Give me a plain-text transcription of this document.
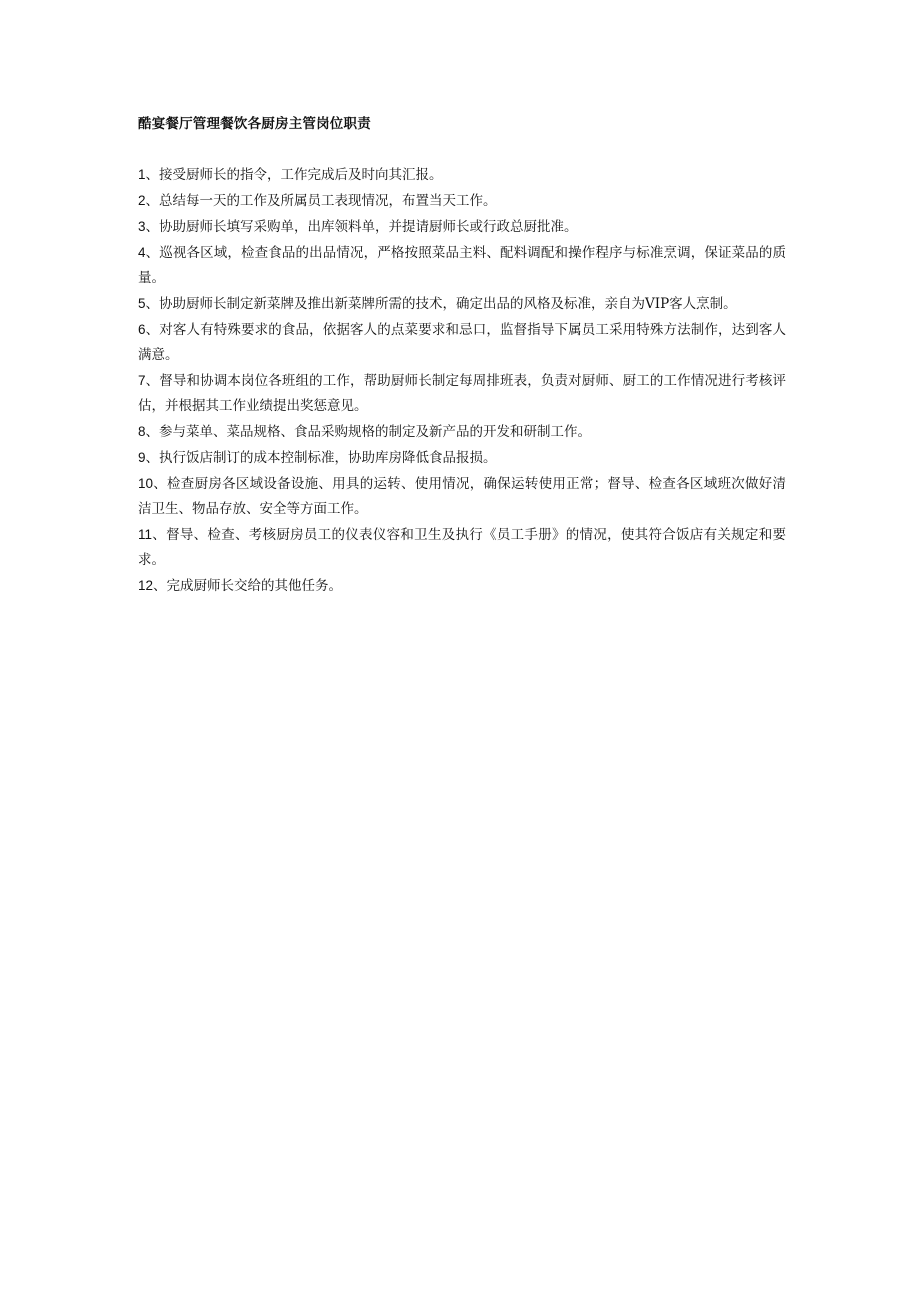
酷宴餐厅管理餐饮各厨房主管岗位职责
1、接受厨师长的指令，工作完成后及时向其汇报。
2、总结每一天的工作及所属员工表现情况，布置当天工作。
3、协助厨师长填写采购单，出库领料单，并提请厨师长或行政总厨批准。
4、巡视各区域，检查食品的出品情况，严格按照菜品主料、配料调配和操作程序与标准烹调，保证菜品的质量。
5、协助厨师长制定新菜牌及推出新菜牌所需的技术，确定出品的风格及标准，亲自为VIP客人烹制。
6、对客人有特殊要求的食品，依据客人的点菜要求和忌口，监督指导下属员工采用特殊方法制作，达到客人满意。
7、督导和协调本岗位各班组的工作，帮助厨师长制定每周排班表，负责对厨师、厨工的工作情况进行考核评估，并根据其工作业绩提出奖惩意见。
8、参与菜单、菜品规格、食品采购规格的制定及新产品的开发和研制工作。
9、执行饭店制订的成本控制标准，协助库房降低食品报损。
10、检查厨房各区域设备设施、用具的运转、使用情况，确保运转使用正常；督导、检查各区域班次做好清洁卫生、物品存放、安全等方面工作。
11、督导、检查、考核厨房员工的仪表仪容和卫生及执行《员工手册》的情况，使其符合饭店有关规定和要求。
12、完成厨师长交给的其他任务。
